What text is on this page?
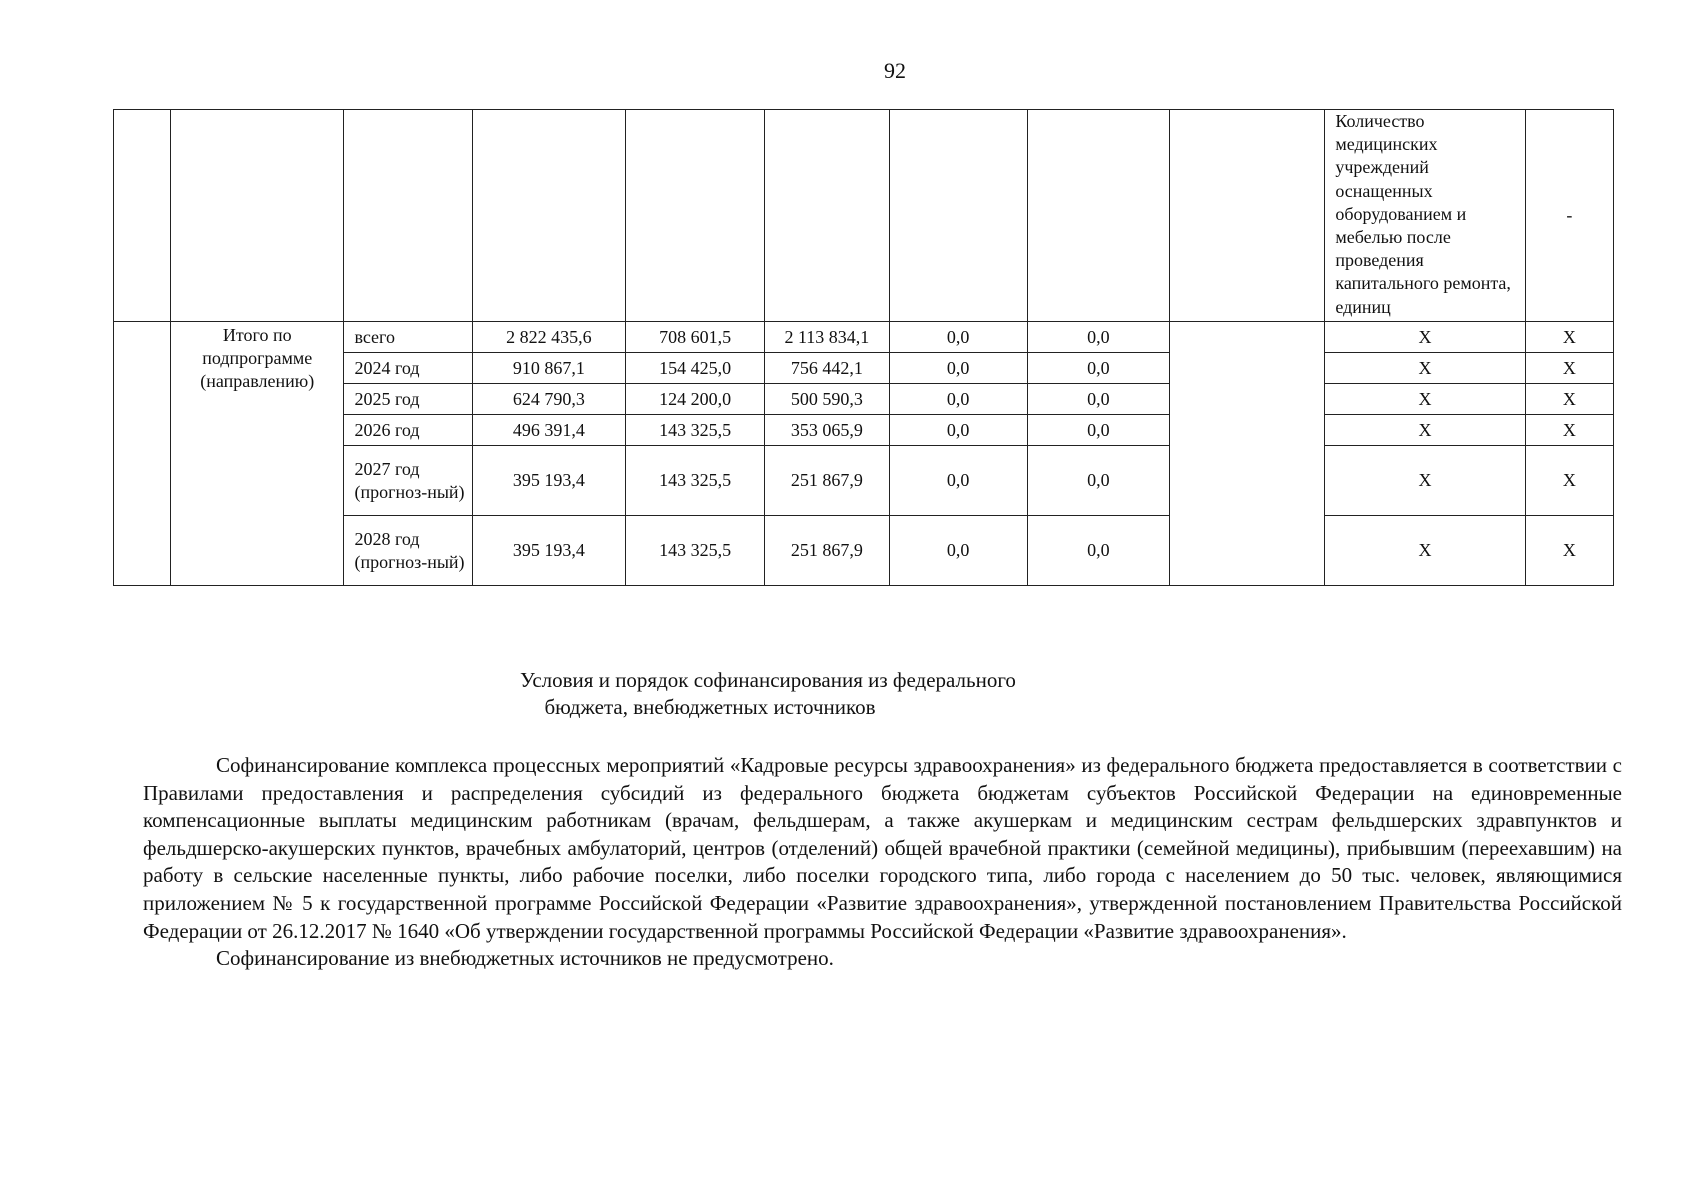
92
									Количество медицинских учреждений оснащенных оборудованием и мебелью после проведения капитального ремонта, единиц	-
	Итого по подпрограмме (направлению)	всего	2 822 435,6	708 601,5	2 113 834,1	0,0	0,0		Х	Х
		2024 год	910 867,1	154 425,0	756 442,1	0,0	0,0		Х	Х
		2025 год	624 790,3	124 200,0	500 590,3	0,0	0,0		Х	Х
		2026 год	496 391,4	143 325,5	353 065,9	0,0	0,0		Х	Х
		2027 год (прогноз-ный)	395 193,4	143 325,5	251 867,9	0,0	0,0		Х	Х
		2028 год (прогноз-ный)	395 193,4	143 325,5	251 867,9	0,0	0,0		Х	Х
Условия и порядок софинансирования из федерального
бюджета, внебюджетных источников

Софинансирование комплекса процессных мероприятий «Кадровые ресурсы здравоохранения» из федерального бюджета предоставляется в соответствии с Правилами предоставления и распределения субсидий из федерального бюджета бюджетам субъектов Российской Федерации на единовременные компенсационные выплаты медицинским работникам (врачам, фельдшерам, а также акушеркам и медицинским сестрам фельдшерских здравпунктов и фельдшерско-акушерских пунктов, врачебных амбулаторий, центров (отделений) общей врачебной практики (семейной медицины), прибывшим (переехавшим) на работу в сельские населенные пункты, либо рабочие поселки, либо поселки городского типа, либо города с населением до 50 тыс. человек, являющимися приложением № 5 к государственной программе Российской Федерации «Развитие здравоохранения», утвержденной постановлением Правительства Российской Федерации от 26.12.2017 № 1640 «Об утверждении государственной программы Российской Федерации «Развитие здравоохранения».

Софинансирование из внебюджетных источников не предусмотрено.
